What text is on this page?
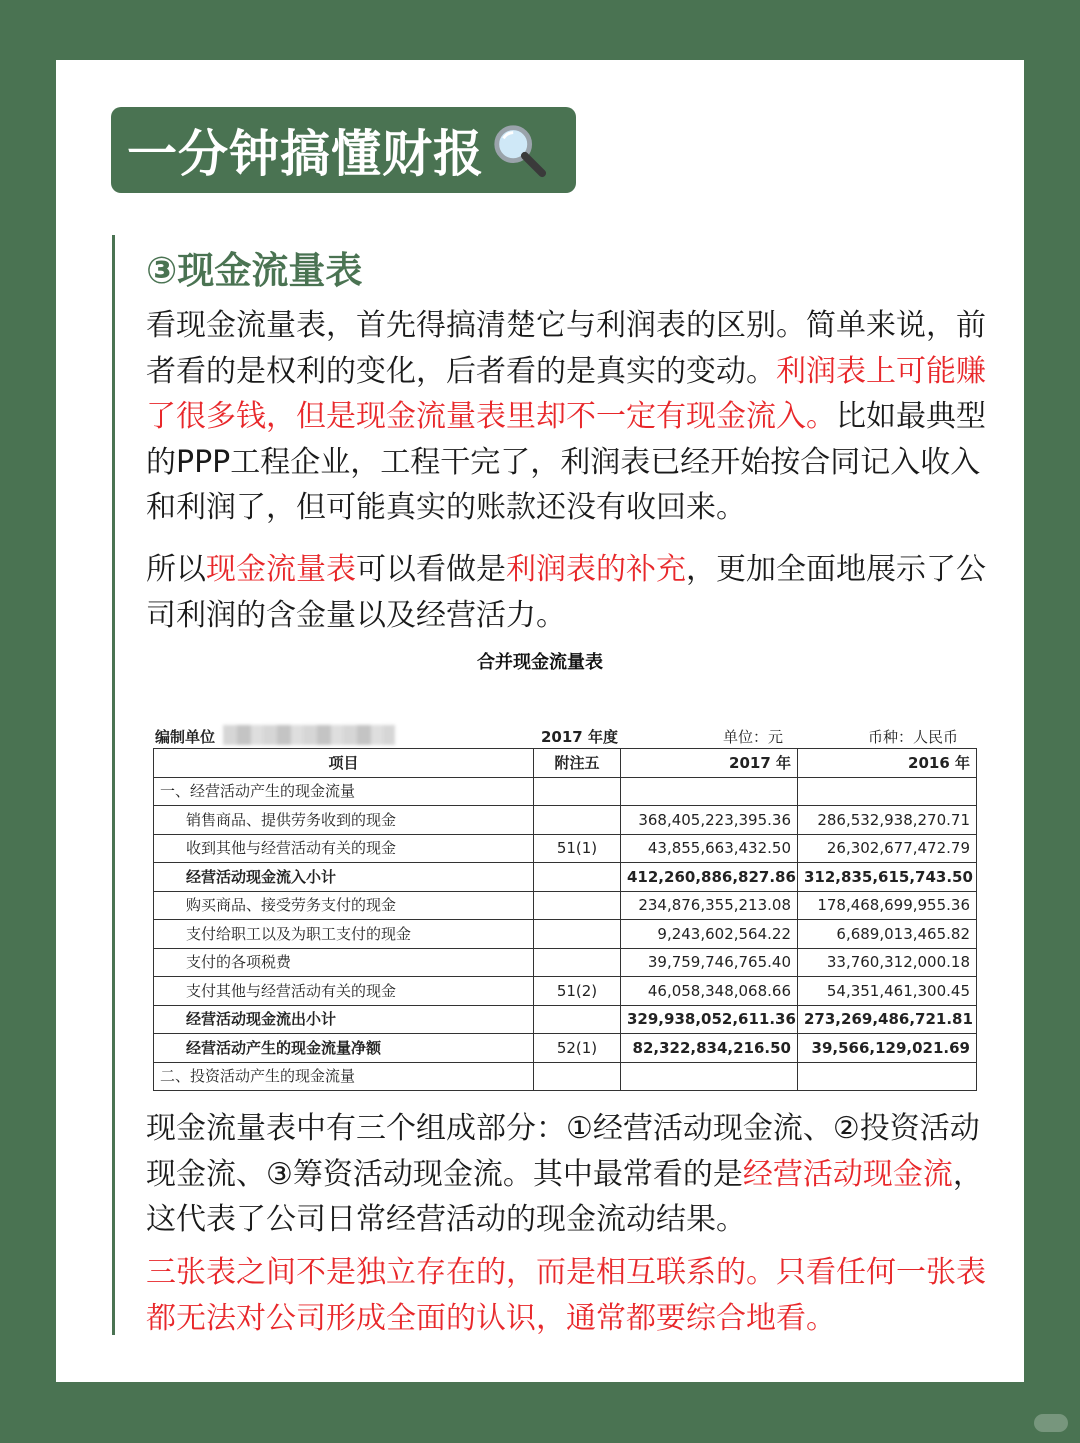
一分钟搞懂财报
③现金流量表
看现金流量表，首先得搞清楚它与利润表的区别。简单来说，前者看的是权利的变化，后者看的是真实的变动。利润表上可能赚了很多钱，但是现金流量表里却不一定有现金流入。比如最典型的PPP工程企业，工程干完了，利润表已经开始按合同记入收入和利润了，但可能真实的账款还没有收回来。
所以现金流量表可以看做是利润表的补充，更加全面地展示了公司利润的含金量以及经营活力。
合并现金流量表
编制单位	2017 年度	单位：元	币种：人民币
项目	附注五	2017 年	2016 年
一、经营活动产生的现金流量			
销售商品、提供劳务收到的现金		368,405,223,395.36	286,532,938,270.71
收到其他与经营活动有关的现金	51(1)	43,855,663,432.50	26,302,677,472.79
经营活动现金流入小计		412,260,886,827.86	312,835,615,743.50
购买商品、接受劳务支付的现金		234,876,355,213.08	178,468,699,955.36
支付给职工以及为职工支付的现金		9,243,602,564.22	6,689,013,465.82
支付的各项税费		39,759,746,765.40	33,760,312,000.18
支付其他与经营活动有关的现金	51(2)	46,058,348,068.66	54,351,461,300.45
经营活动现金流出小计		329,938,052,611.36	273,269,486,721.81
经营活动产生的现金流量净额	52(1)	82,322,834,216.50	39,566,129,021.69
二、投资活动产生的现金流量			
现金流量表中有三个组成部分：①经营活动现金流、②投资活动现金流、③筹资活动现金流。其中最常看的是经营活动现金流，这代表了公司日常经营活动的现金流动结果。
三张表之间不是独立存在的，而是相互联系的。只看任何一张表都无法对公司形成全面的认识，通常都要综合地看。
